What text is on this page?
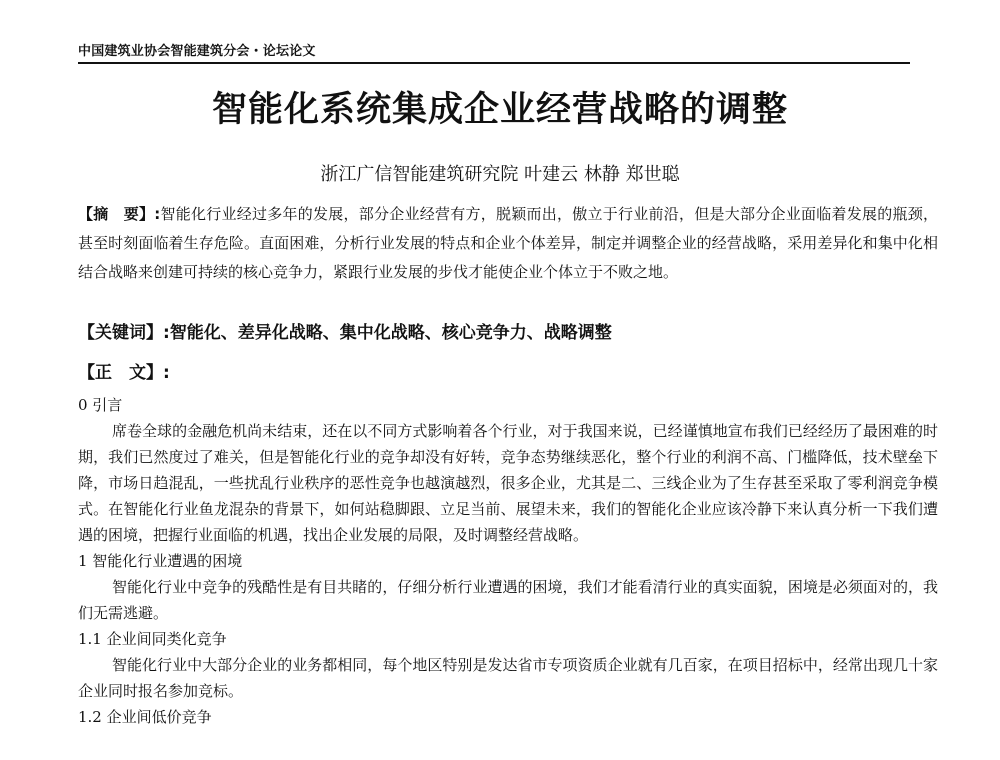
中国建筑业协会智能建筑分会・论坛论文
智能化系统集成企业经营战略的调整
浙江广信智能建筑研究院 叶建云 林静 郑世聪
【摘　要】:智能化行业经过多年的发展，部分企业经营有方，脱颖而出，傲立于行业前沿，但是大部分企业面临着发展的瓶颈，甚至时刻面临着生存危险。直面困难，分析行业发展的特点和企业个体差异，制定并调整企业的经营战略，采用差异化和集中化相结合战略来创建可持续的核心竞争力，紧跟行业发展的步伐才能使企业个体立于不败之地。
【关键词】:智能化、差异化战略、集中化战略、核心竞争力、战略调整
【正　文】:
0 引言
席卷全球的金融危机尚未结束，还在以不同方式影响着各个行业，对于我国来说，已经谨慎地宣布我们已经经历了最困难的时期，我们已然度过了难关，但是智能化行业的竞争却没有好转，竞争态势继续恶化，整个行业的利润不高、门槛降低，技术壁垒下降，市场日趋混乱，一些扰乱行业秩序的恶性竞争也越演越烈，很多企业，尤其是二、三线企业为了生存甚至采取了零利润竞争模式。在智能化行业鱼龙混杂的背景下，如何站稳脚跟、立足当前、展望未来，我们的智能化企业应该冷静下来认真分析一下我们遭遇的困境，把握行业面临的机遇，找出企业发展的局限，及时调整经营战略。
1 智能化行业遭遇的困境
智能化行业中竞争的残酷性是有目共睹的，仔细分析行业遭遇的困境，我们才能看清行业的真实面貌，困境是必须面对的，我们无需逃避。
1.1 企业间同类化竞争
智能化行业中大部分企业的业务都相同，每个地区特别是发达省市专项资质企业就有几百家，在项目招标中，经常出现几十家企业同时报名参加竞标。
1.2 企业间低价竞争
